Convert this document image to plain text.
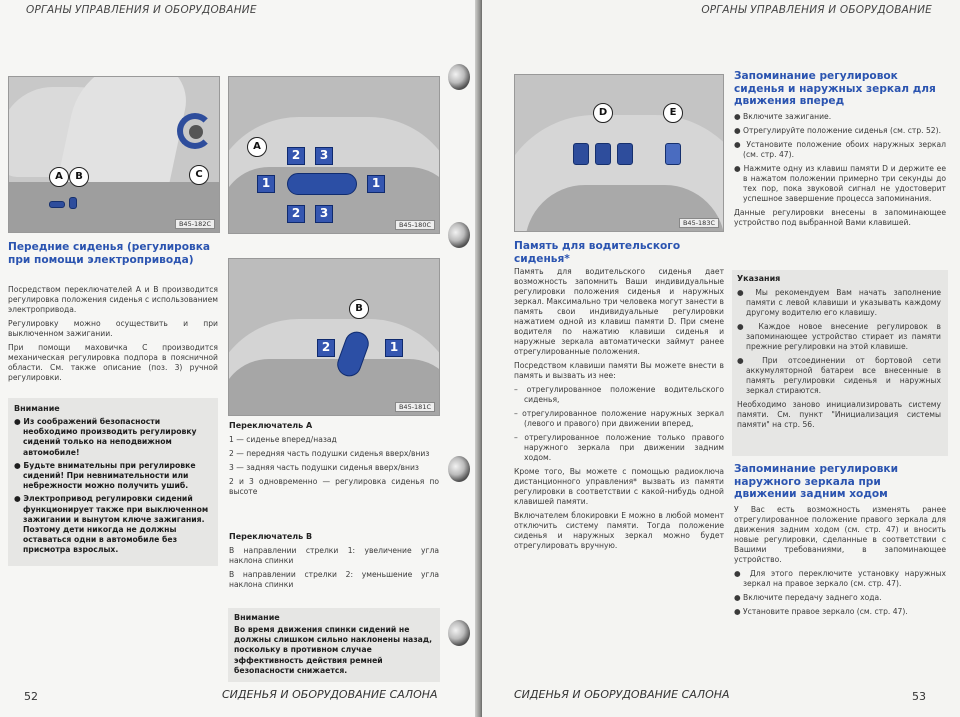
ОРГАНЫ УПРАВЛЕНИЯ И ОБОРУДОВАНИЕ
A	B	C
B45-182C
A
2	3
1	1
2	3
B45-180C
B
2	1
B45-181C
Передние сиденья (регулировка при помощи электропривода)

Посредством переключателей A и B производится регулировка положения сиденья с использованием электропривода.

Регулировку можно осуществить и при выключенном зажигании.

При помощи маховичка C производится механическая регулировка подпора в поясничной области. См. также описание (поз. 3) ручной регулировки.

Внимание
● Из соображений безопасности необходимо производить регулировку сидений только на неподвижном автомобиле!
● Будьте внимательны при регулировке сидений! При невнимательности или небрежности можно получить ушиб.
● Электропривод регулировки сидений функционирует также при выключенном зажигании и вынутом ключе зажигания. Поэтому дети никогда не должны оставаться одни в автомобиле без присмотра взрослых.
Переключатель A

1 — сиденье вперед/назад

2 — передняя часть подушки сиденья вверх/вниз

3 — задняя часть подушки сиденья вверх/вниз

2 и 3 одновременно — регулировка сиденья по высоте

Переключатель B

В направлении стрелки 1: увеличение угла наклона спинки

В направлении стрелки 2: уменьшение угла наклона спинки

Внимание
Во время движения спинки сидений не должны слишком сильно наклонены назад, поскольку в противном случае эффективность действия ремней безопасности снижается.
52	СИДЕНЬЯ И ОБОРУДОВАНИЕ САЛОНА
ОРГАНЫ УПРАВЛЕНИЯ И ОБОРУДОВАНИЕ
D	E
B45-183C
Память для водительского сиденья*

Память для водительского сиденья дает возможность запомнить Ваши индивидуальные регулировки положения сиденья и наружных зеркал. Максимально три человека могут занести в память свои индивидуальные регулировки нажатием одной из клавиш памяти D. При смене водителя по нажатию клавиши сиденья и наружные зеркала автоматически займут ранее отрегулированные положения.

Посредством клавиши памяти Вы можете внести в память и вызвать из нее:

– отрегулированное положение водительского сиденья,

– отрегулированное положение наружных зеркал (левого и правого) при движении вперед,

– отрегулированное положение только правого наружного зеркала при движении задним ходом.

Кроме того, Вы можете с помощью радиоключа дистанционного управления* вызвать из памяти регулировки в соответствии с какой-нибудь одной клавишей памяти.

Включателем блокировки E можно в любой момент отключить систему памяти. Тогда положение сиденья и наружных зеркал можно будет отрегулировать вручную.

Запоминание регулировок сиденья и наружных зеркал для движения вперед

● Включите зажигание.

● Отрегулируйте положение сиденья (см. стр. 52).

● Установите положение обоих наружных зеркал (см. стр. 47).

● Нажмите одну из клавиш памяти D и держите ее в нажатом положении примерно три секунды до тех пор, пока звуковой сигнал не удостоверит успешное завершение процесса запоминания.

Данные регулировки внесены в запоминающее устройство под выбранной Вами клавишей.

Указания

● Мы рекомендуем Вам начать заполнение памяти с левой клавиши и указывать каждому другому водителю его клавишу.

● Каждое новое внесение регулировок в запоминающее устройство стирает из памяти прежние регулировки на этой клавише.

● При отсоединении от бортовой сети аккумуляторной батареи все внесенные в память регулировки сиденья и наружных зеркал стираются.

Необходимо заново инициализировать систему памяти. См. пункт "Инициализация системы памяти" на стр. 56.

Запоминание регулировки наружного зеркала при движении задним ходом

У Вас есть возможность изменять ранее отрегулированное положение правого зеркала для движения задним ходом (см. стр. 47) и вносить новые регулировки, сделанные в соответствии с Вашими требованиями, в запоминающее устройство.

● Для этого переключите установку наружных зеркал на правое зеркало (см. стр. 47).

● Включите передачу заднего хода.

● Установите правое зеркало (см. стр. 47).

СИДЕНЬЯ И ОБОРУДОВАНИЕ САЛОНА	53
